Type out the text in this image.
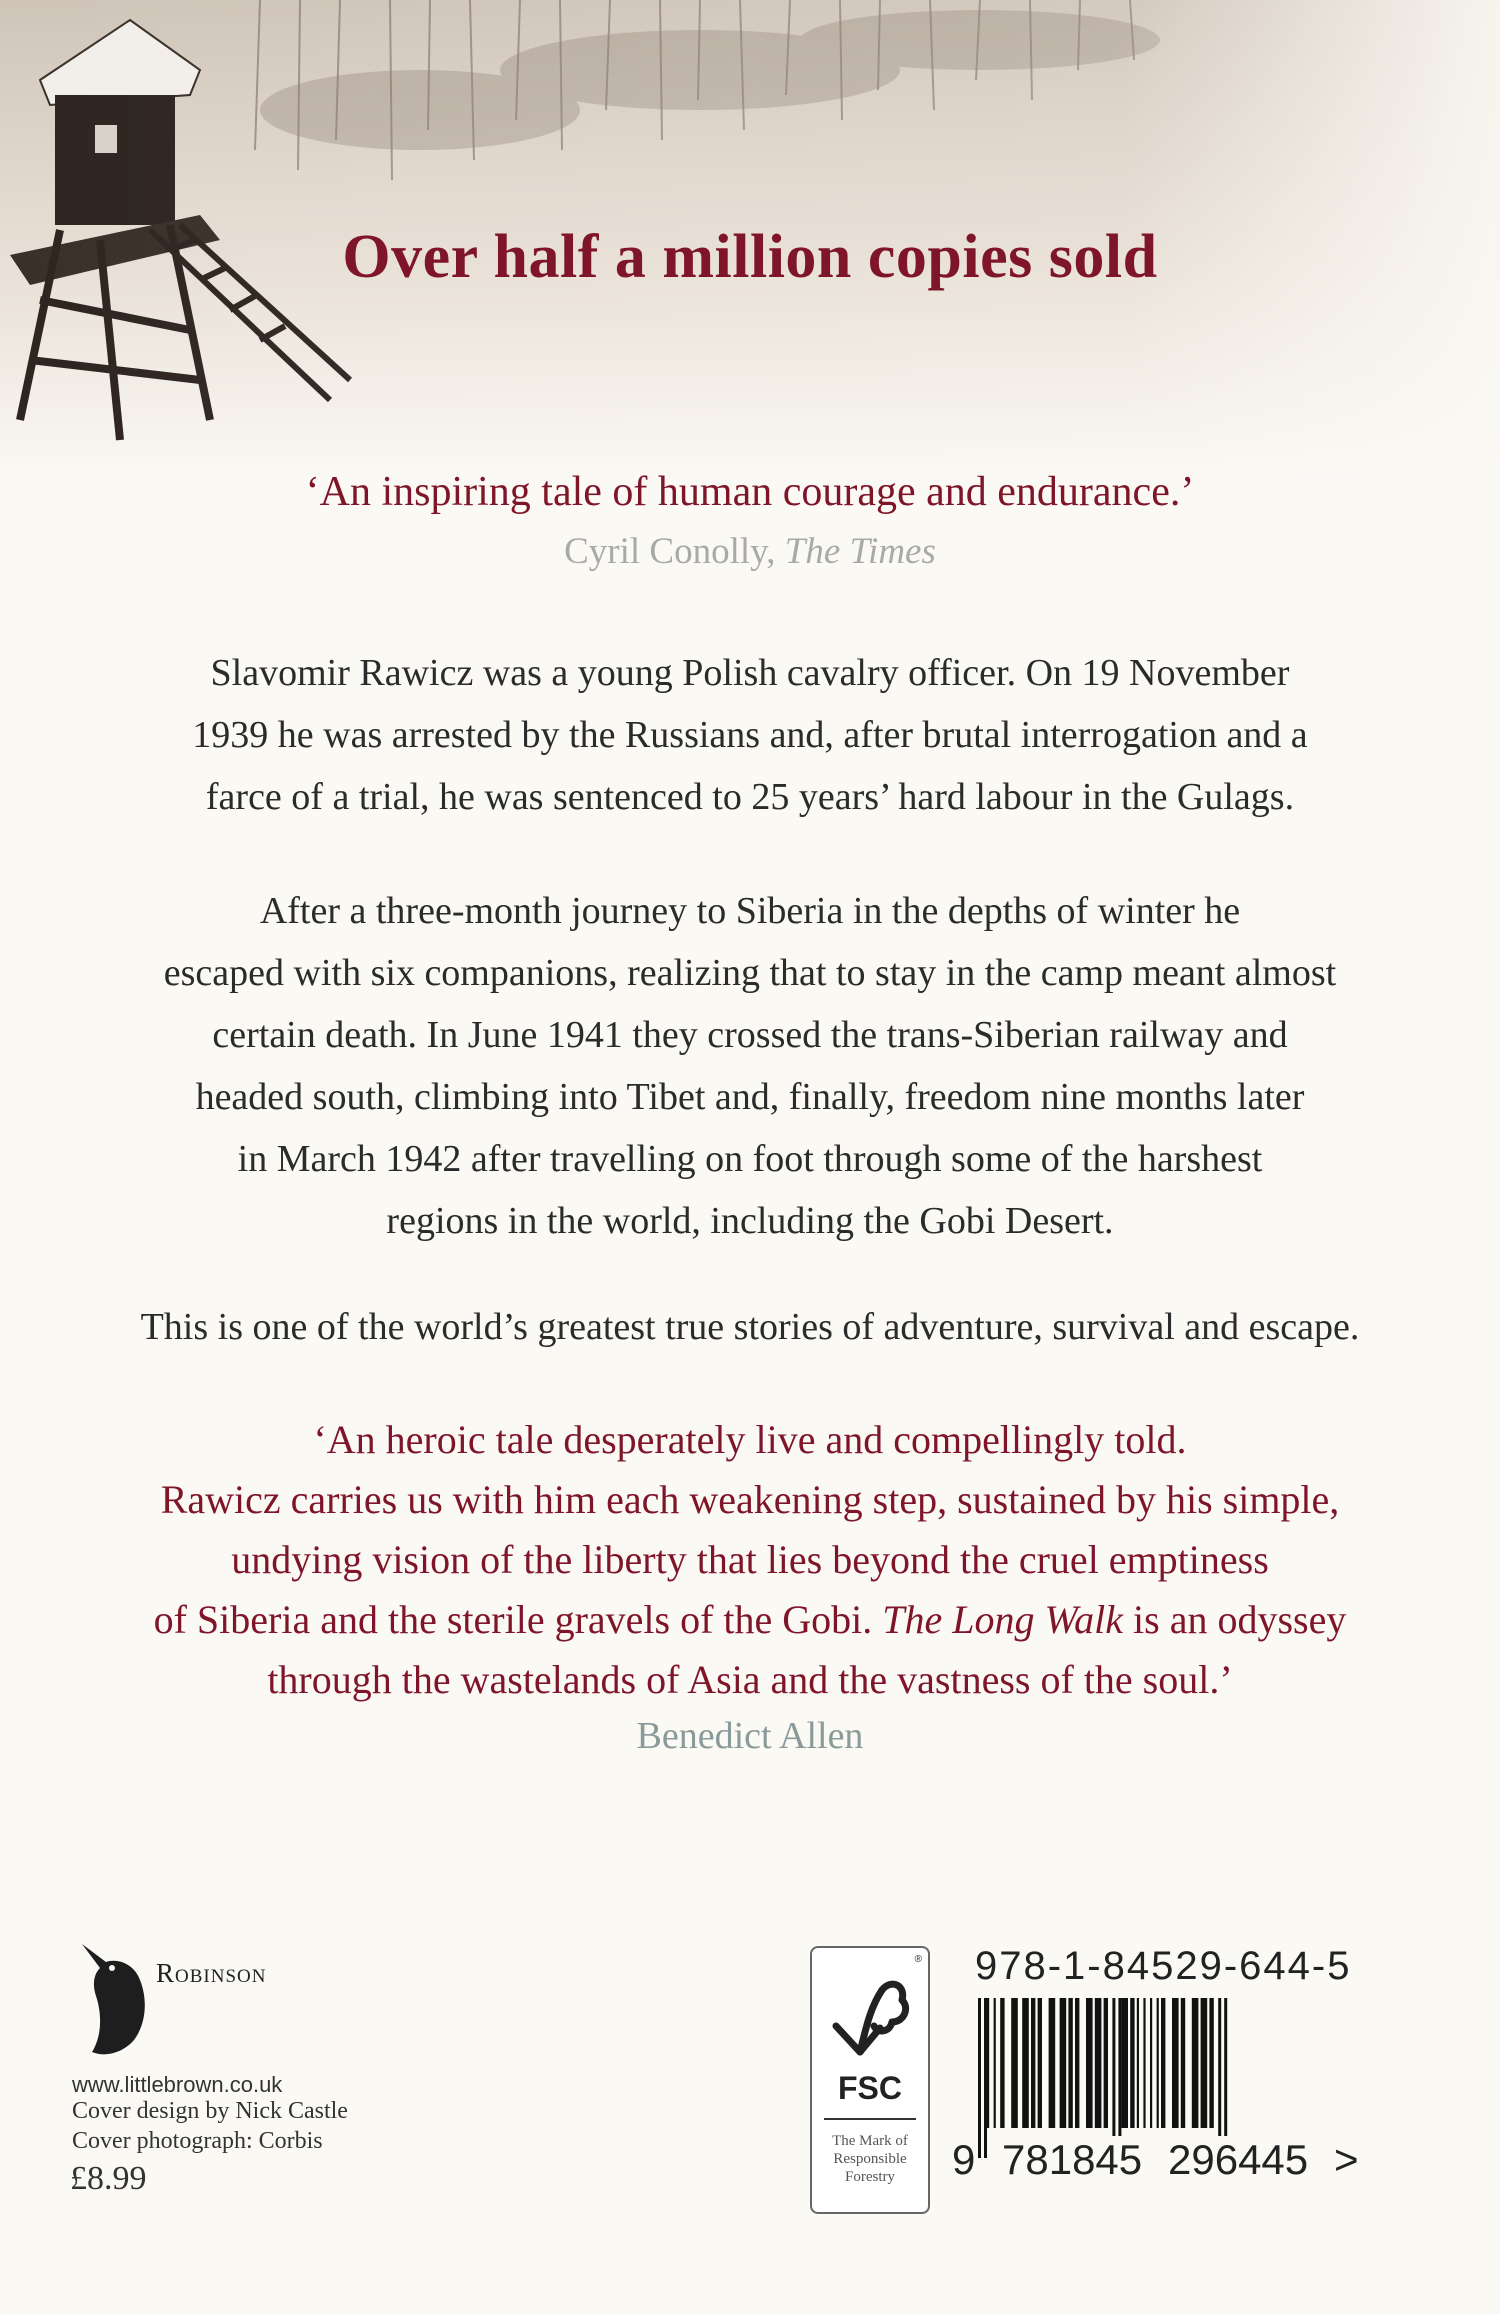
Over half a million copies sold
‘An inspiring tale of human courage and endurance.’
Cyril Conolly, The Times
Slavomir Rawicz was a young Polish cavalry officer. On 19 November
1939 he was arrested by the Russians and, after brutal interrogation and a
farce of a trial, he was sentenced to 25 years’ hard labour in the Gulags.
After a three-month journey to Siberia in the depths of winter he
escaped with six companions, realizing that to stay in the camp meant almost
certain death. In June 1941 they crossed the trans-Siberian railway and
headed south, climbing into Tibet and, finally, freedom nine months later
in March 1942 after travelling on foot through some of the harshest
regions in the world, including the Gobi Desert.
This is one of the world’s greatest true stories of adventure, survival and escape.
‘An heroic tale desperately live and compellingly told.
Rawicz carries us with him each weakening step, sustained by his simple,
undying vision of the liberty that lies beyond the cruel emptiness
of Siberia and the sterile gravels of the Gobi. The Long Walk is an odyssey
through the wastelands of Asia and the vastness of the soul.’
Benedict Allen
Robinson
www.littlebrown.co.uk
Cover design by Nick Castle
Cover photograph: Corbis
£8.99
®
FSC
The Mark of
Responsible
Forestry
978-1-84529-644-5
9 781845 296445 >
